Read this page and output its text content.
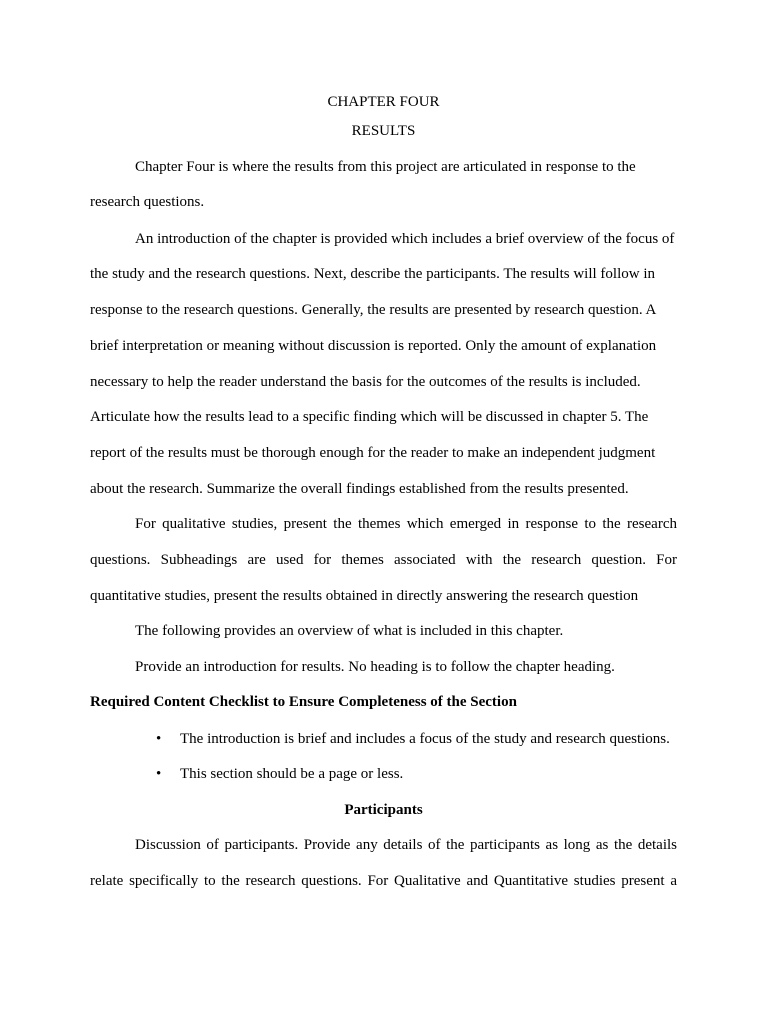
CHAPTER FOUR
RESULTS
Chapter Four is where the results from this project are articulated in response to the
research questions.
An introduction of the chapter is provided which includes a brief overview of the focus of
the study and the research questions. Next, describe the participants. The results will follow in
response to the research questions. Generally, the results are presented by research question. A
brief interpretation or meaning without discussion is reported. Only the amount of explanation
necessary to help the reader understand the basis for the outcomes of the results is included.
Articulate how the results lead to a specific finding which will be discussed in chapter 5. The
report of the results must be thorough enough for the reader to make an independent judgment
about the research. Summarize the overall findings established from the results presented.
For qualitative studies, present the themes which emerged in response to the research
questions. Subheadings are used for themes associated with the research question. For
quantitative studies, present the results obtained in directly answering the research question
The following provides an overview of what is included in this chapter.
Provide an introduction for results. No heading is to follow the chapter heading.
Required Content Checklist to Ensure Completeness of the Section
• The introduction is brief and includes a focus of the study and research questions.
• This section should be a page or less.
Participants
Discussion of participants. Provide any details of the participants as long as the details
relate specifically to the research questions. For Qualitative and Quantitative studies present a
